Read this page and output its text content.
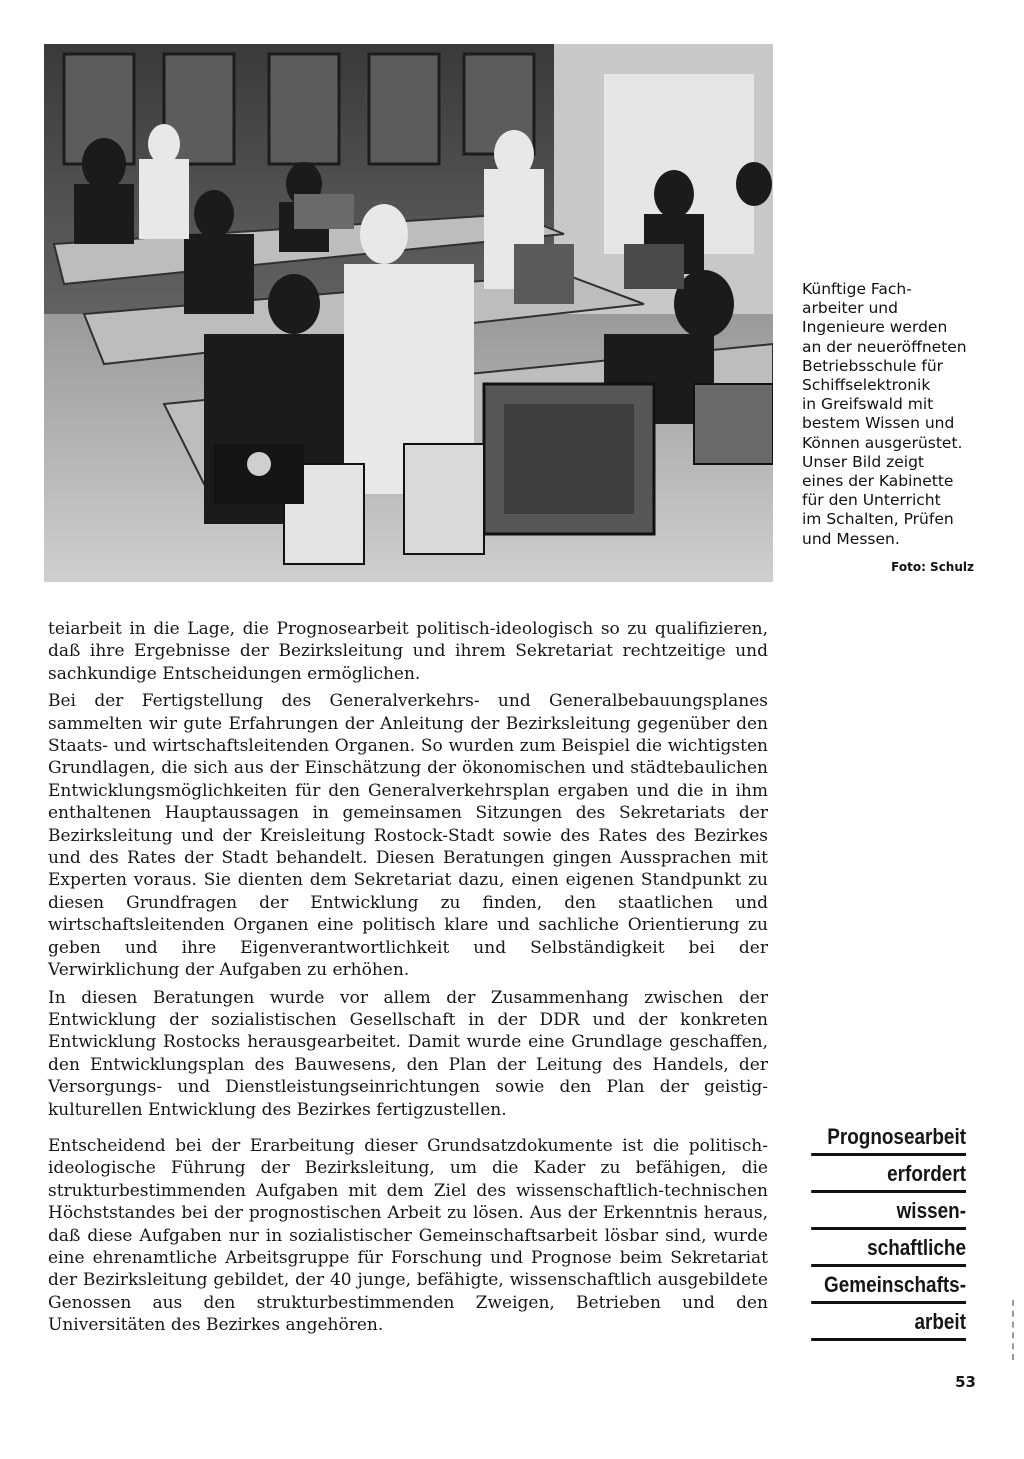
Künftige Fach-
arbeiter und
Ingenieure werden
an der neueröffneten
Betriebsschule für
Schiffselektronik
in Greifswald mit
bestem Wissen und
Können ausgerüstet.
Unser Bild zeigt
eines der Kabinette
für den Unterricht
im Schalten, Prüfen
und Messen.
Foto: Schulz

teiarbeit in die Lage, die Prognosearbeit politisch-ideologisch so zu qualifizieren, daß ihre Ergebnisse der Bezirksleitung und ihrem Sekretariat rechtzeitige und sachkundige Entscheidungen ermöglichen.

Bei der Fertigstellung des Generalverkehrs- und Generalbebauungsplanes sammelten wir gute Erfahrungen der Anleitung der Bezirksleitung gegenüber den Staats- und wirtschaftsleitenden Organen. So wurden zum Beispiel die wichtigsten Grundlagen, die sich aus der Einschätzung der ökonomischen und städtebaulichen Entwicklungsmöglichkeiten für den Generalverkehrsplan ergaben und die in ihm enthaltenen Hauptaussagen in gemeinsamen Sitzungen des Sekretariats der Bezirksleitung und der Kreisleitung Rostock-Stadt sowie des Rates des Bezirkes und des Rates der Stadt behandelt. Diesen Beratungen gingen Aussprachen mit Experten voraus. Sie dienten dem Sekretariat dazu, einen eigenen Standpunkt zu diesen Grundfragen der Entwicklung zu finden, den staatlichen und wirtschaftsleitenden Organen eine politisch klare und sachliche Orientierung zu geben und ihre Eigenverantwortlichkeit und Selbständigkeit bei der Verwirklichung der Aufgaben zu erhöhen.

In diesen Beratungen wurde vor allem der Zusammenhang zwischen der Entwicklung der sozialistischen Gesellschaft in der DDR und der konkreten Entwicklung Rostocks herausgearbeitet. Damit wurde eine Grundlage geschaffen, den Entwicklungsplan des Bauwesens, den Plan der Leitung des Handels, der Versorgungs- und Dienstleistungseinrichtungen sowie den Plan der geistig-kulturellen Entwicklung des Bezirkes fertigzustellen.

Entscheidend bei der Erarbeitung dieser Grundsatzdokumente ist die politisch-ideologische Führung der Bezirksleitung, um die Kader zu befähigen, die strukturbestimmenden Aufgaben mit dem Ziel des wissenschaftlich-technischen Höchststandes bei der prognostischen Arbeit zu lösen. Aus der Erkenntnis heraus, daß diese Aufgaben nur in sozialistischer Gemeinschaftsarbeit lösbar sind, wurde eine ehrenamtliche Arbeitsgruppe für Forschung und Prognose beim Sekretariat der Bezirksleitung gebildet, der 40 junge, befähigte, wissenschaftlich ausgebildete Genossen aus den strukturbestimmenden Zweigen, Betrieben und den Universitäten des Bezirkes angehören.

Prognosearbeit
erfordert
wissen-
schaftliche
Gemeinschafts-
arbeit
53
